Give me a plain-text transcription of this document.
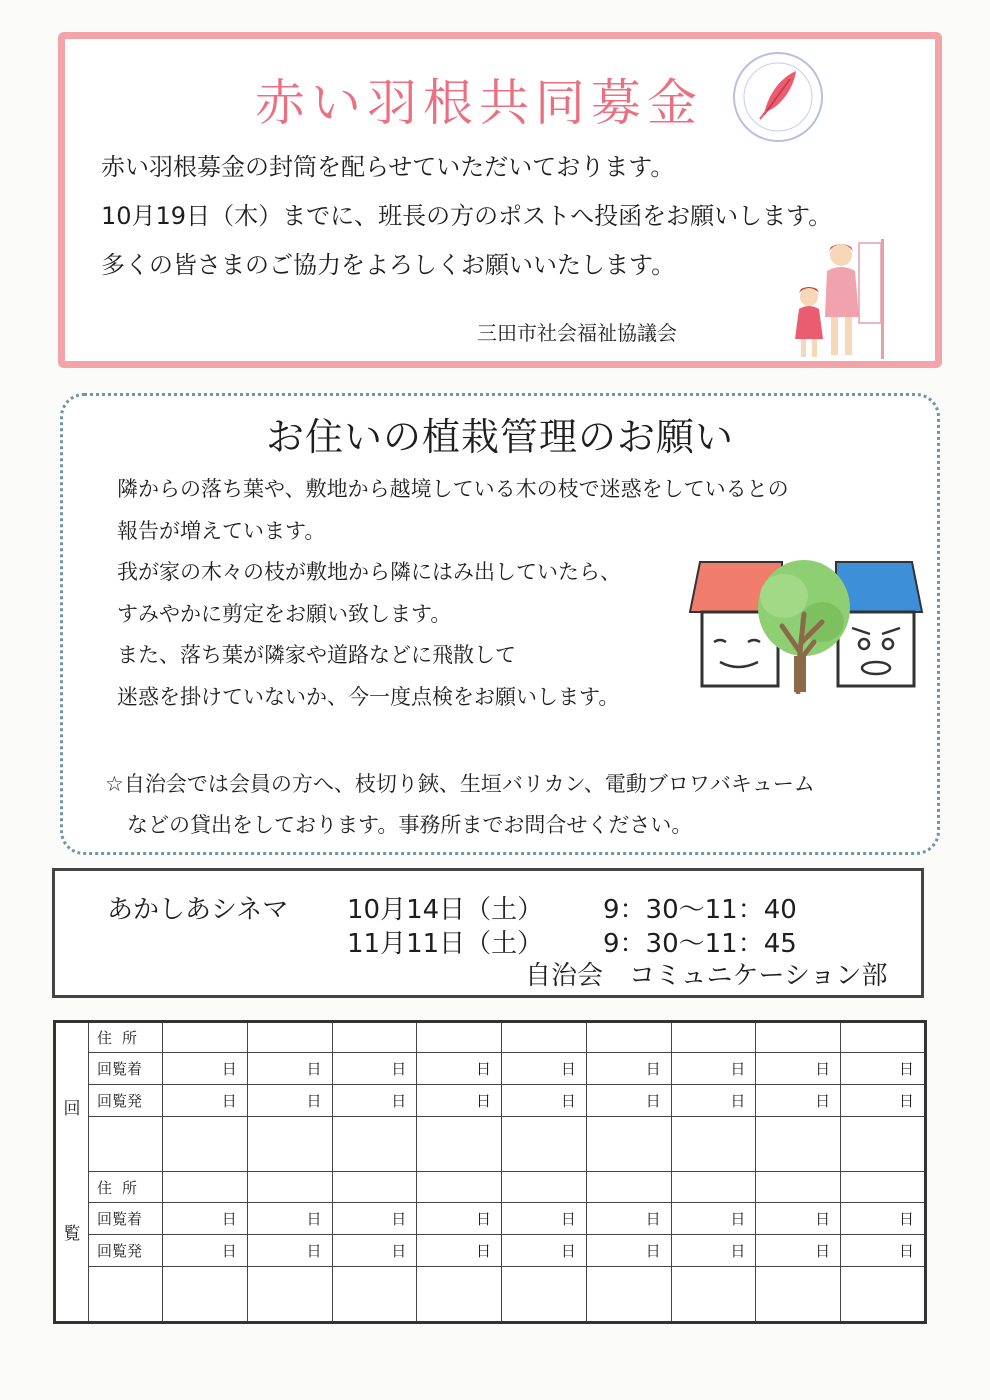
赤い羽根共同募金

赤い羽根募金の封筒を配らせていただいております。

10月19日（木）までに、班長の方のポストへ投函をお願いします。

多くの皆さまのご協力をよろしくお願いいたします。

三田市社会福祉協議会

お住いの植栽管理のお願い

隣からの落ち葉や、敷地から越境している木の枝で迷惑をしているとの
報告が増えています。
我が家の木々の枝が敷地から隣にはみ出していたら、
すみやかに剪定をお願い致します。
また、落ち葉が隣家や道路などに飛散して
迷惑を掛けていないか、今一度点検をお願いします。

☆自治会では会員の方へ、枝切り鋏、生垣バリカン、電動ブロワバキューム
などの貸出をしております。事務所までお問合せください。

あかしあシネマ 10月14日（土） 9：30～11：40

11月11日（土） 9：30～11：45

自治会　コミュニケーション部

回
覧	住所									
	回覧着	日	日	日	日	日	日	日	日	日
	回覧発	日	日	日	日	日	日	日	日	日

	住所									
	回覧着	日	日	日	日	日	日	日	日	日
	回覧発	日	日	日	日	日	日	日	日	日
